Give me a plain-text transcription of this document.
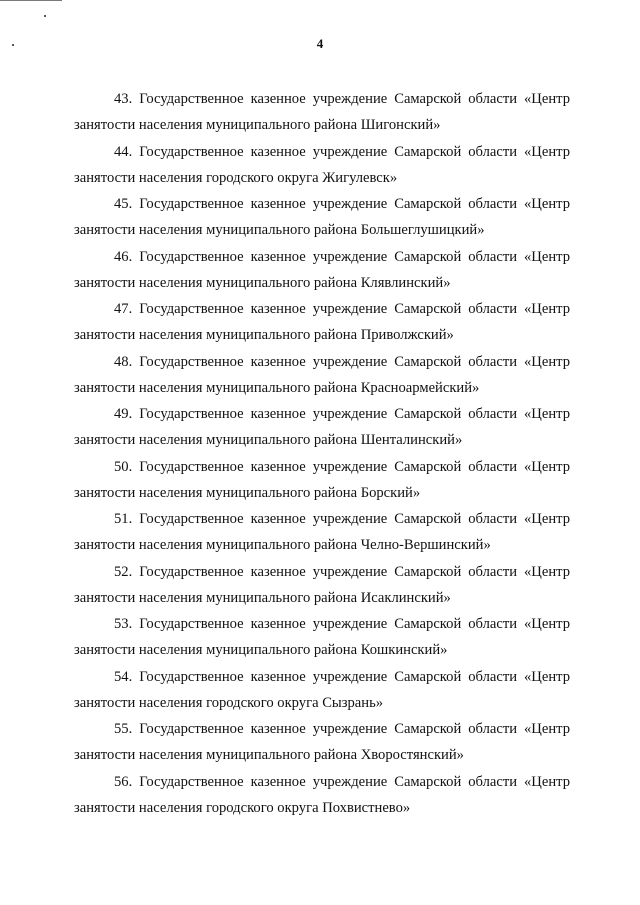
4
43. Государственное казенное учреждение Самарской области «Центр
занятости населения муниципального района Шигонский»
44. Государственное казенное учреждение Самарской области «Центр
занятости населения городского округа Жигулевск»
45. Государственное казенное учреждение Самарской области «Центр
занятости населения муниципального района Большеглушицкий»
46. Государственное казенное учреждение Самарской области «Центр
занятости населения муниципального района Клявлинский»
47. Государственное казенное учреждение Самарской области «Центр
занятости населения муниципального района Приволжский»
48. Государственное казенное учреждение Самарской области «Центр
занятости населения муниципального района Красноармейский»
49. Государственное казенное учреждение Самарской области «Центр
занятости населения муниципального района Шенталинский»
50. Государственное казенное учреждение Самарской области «Центр
занятости населения муниципального района Борский»
51. Государственное казенное учреждение Самарской области «Центр
занятости населения муниципального района Челно-Вершинский»
52. Государственное казенное учреждение Самарской области «Центр
занятости населения муниципального района Исаклинский»
53. Государственное казенное учреждение Самарской области «Центр
занятости населения муниципального района Кошкинский»
54. Государственное казенное учреждение Самарской области «Центр
занятости населения городского округа Сызрань»
55. Государственное казенное учреждение Самарской области «Центр
занятости населения муниципального района Хворостянский»
56. Государственное казенное учреждение Самарской области «Центр
занятости населения городского округа Похвистнево»
